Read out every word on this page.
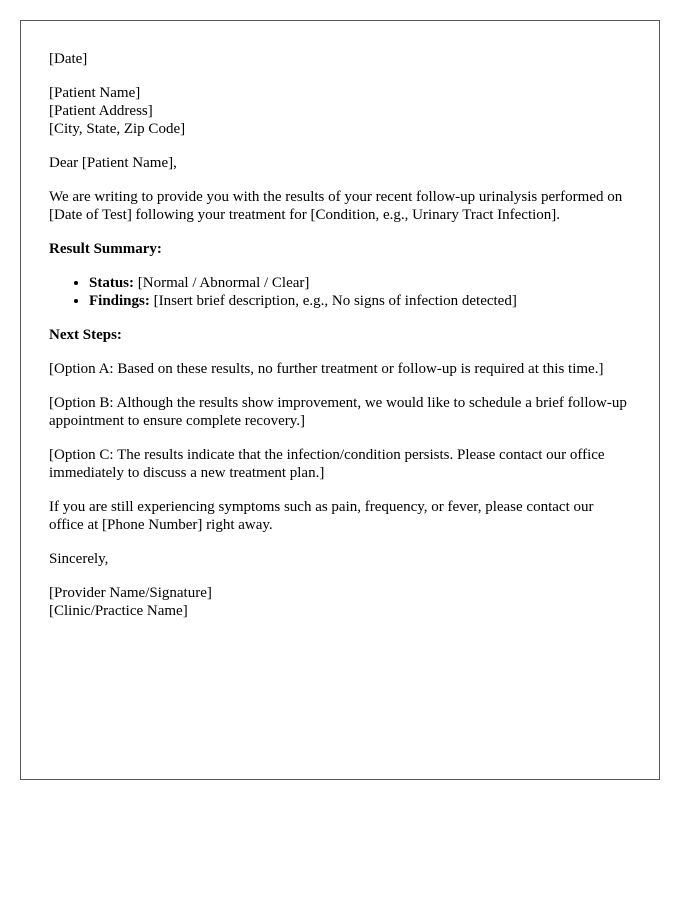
[Date]

[Patient Name]
[Patient Address]
[City, State, Zip Code]

Dear [Patient Name],

We are writing to provide you with the results of your recent follow-up urinalysis performed on [Date of Test] following your treatment for [Condition, e.g., Urinary Tract Infection].

Result Summary:

• Status: [Normal / Abnormal / Clear]
• Findings: [Insert brief description, e.g., No signs of infection detected]

Next Steps:

[Option A: Based on these results, no further treatment or follow-up is required at this time.]

[Option B: Although the results show improvement, we would like to schedule a brief follow-up appointment to ensure complete recovery.]

[Option C: The results indicate that the infection/condition persists. Please contact our office immediately to discuss a new treatment plan.]

If you are still experiencing symptoms such as pain, frequency, or fever, please contact our office at [Phone Number] right away.

Sincerely,

[Provider Name/Signature]
[Clinic/Practice Name]
